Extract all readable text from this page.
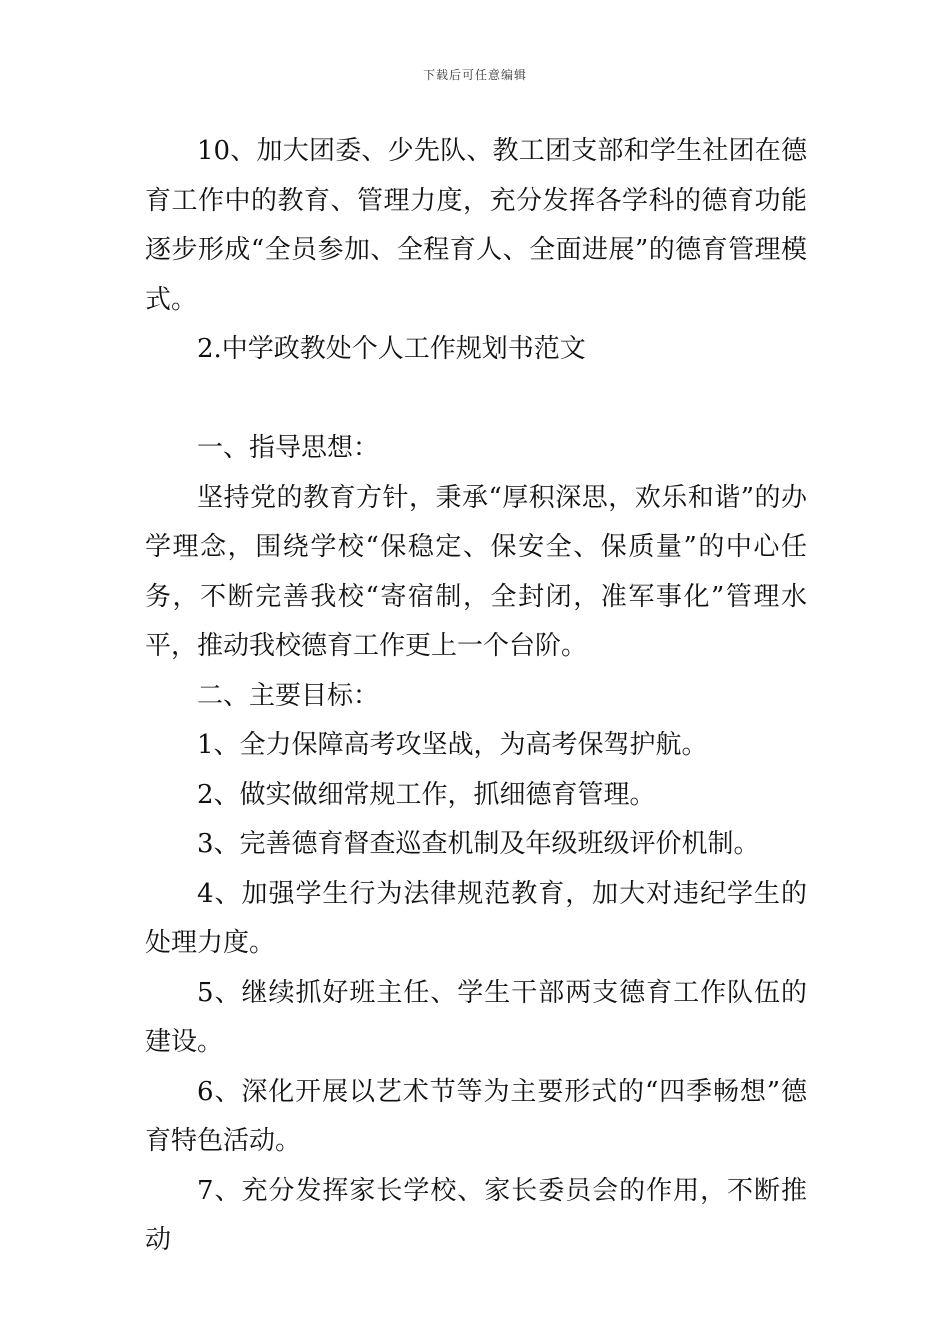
下载后可任意编辑

10、加大团委、少先队、教工团支部和学生社团在德育工作中的教育、管理力度，充分发挥各学科的德育功能逐步形成“全员参加、全程育人、全面进展”的德育管理模式。

2.中学政教处个人工作规划书范文

一、指导思想：

坚持党的教育方针，秉承“厚积深思，欢乐和谐”的办学理念，围绕学校“保稳定、保安全、保质量”的中心任务，不断完善我校“寄宿制，全封闭，准军事化”管理水平，推动我校德育工作更上一个台阶。

二、主要目标：

1、全力保障高考攻坚战，为高考保驾护航。

2、做实做细常规工作，抓细德育管理。

3、完善德育督查巡查机制及年级班级评价机制。

4、加强学生行为法律规范教育，加大对违纪学生的处理力度。

5、继续抓好班主任、学生干部两支德育工作队伍的建设。

6、深化开展以艺术节等为主要形式的“四季畅想”德育特色活动。

7、充分发挥家长学校、家长委员会的作用，不断推动
